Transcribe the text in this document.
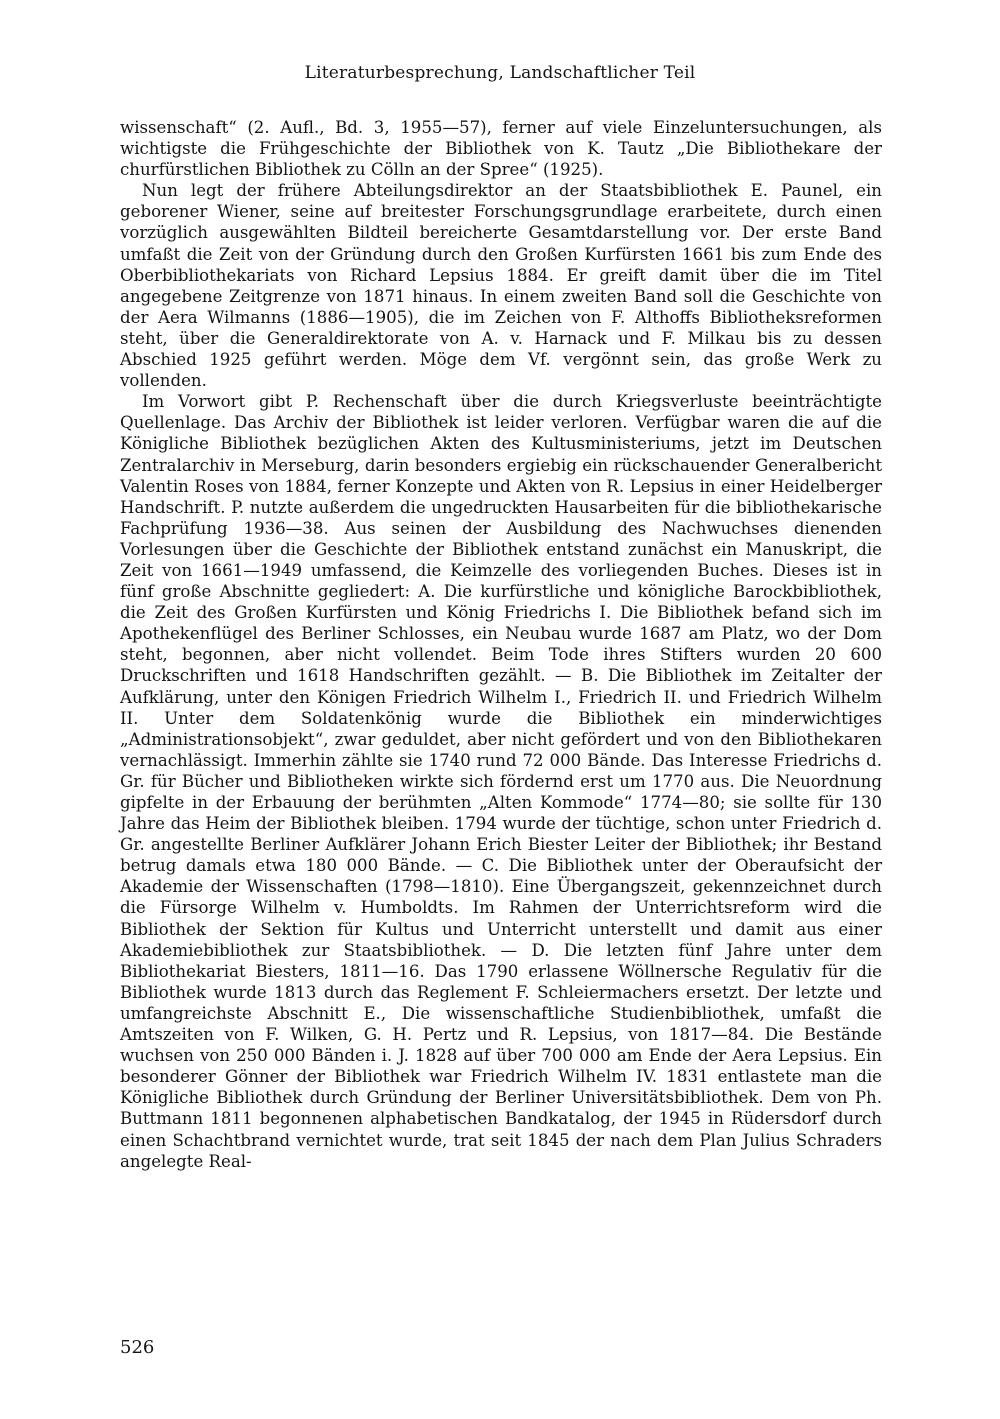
Literaturbesprechung, Landschaftlicher Teil

wissenschaft“ (2. Aufl., Bd. 3, 1955—57), ferner auf viele Einzeluntersuchungen, als wichtigste die Frühgeschichte der Bibliothek von K. Tautz „Die Bibliothekare der churfürstlichen Bibliothek zu Cölln an der Spree“ (1925).

Nun legt der frühere Abteilungsdirektor an der Staatsbibliothek E. Paunel, ein geborener Wiener, seine auf breitester Forschungsgrundlage erarbeitete, durch einen vorzüglich ausgewählten Bildteil bereicherte Gesamtdarstellung vor. Der erste Band umfaßt die Zeit von der Gründung durch den Großen Kurfürsten 1661 bis zum Ende des Oberbibliothekariats von Richard Lepsius 1884. Er greift damit über die im Titel angegebene Zeitgrenze von 1871 hinaus. In einem zweiten Band soll die Geschichte von der Aera Wilmanns (1886—1905), die im Zeichen von F. Althoffs Bibliotheksreformen steht, über die Generaldirektorate von A. v. Harnack und F. Milkau bis zu dessen Abschied 1925 geführt werden. Möge dem Vf. vergönnt sein, das große Werk zu vollenden.

Im Vorwort gibt P. Rechenschaft über die durch Kriegsverluste beeinträchtigte Quellenlage. Das Archiv der Bibliothek ist leider verloren. Verfügbar waren die auf die Königliche Bibliothek bezüglichen Akten des Kultusministeriums, jetzt im Deutschen Zentralarchiv in Merseburg, darin besonders ergiebig ein rückschauender Generalbericht Valentin Roses von 1884, ferner Konzepte und Akten von R. Lepsius in einer Heidelberger Handschrift. P. nutzte außerdem die ungedruckten Hausarbeiten für die bibliothekarische Fachprüfung 1936—38. Aus seinen der Ausbildung des Nachwuchses dienenden Vorlesungen über die Geschichte der Bibliothek entstand zunächst ein Manuskript, die Zeit von 1661—1949 umfassend, die Keimzelle des vorliegenden Buches. Dieses ist in fünf große Abschnitte gegliedert: A. Die kurfürstliche und königliche Barockbibliothek, die Zeit des Großen Kurfürsten und König Friedrichs I. Die Bibliothek befand sich im Apothekenflügel des Berliner Schlosses, ein Neubau wurde 1687 am Platz, wo der Dom steht, begonnen, aber nicht vollendet. Beim Tode ihres Stifters wurden 20 600 Druckschriften und 1618 Handschriften gezählt. — B. Die Bibliothek im Zeitalter der Aufklärung, unter den Königen Friedrich Wilhelm I., Friedrich II. und Friedrich Wilhelm II. Unter dem Soldatenkönig wurde die Bibliothek ein minderwichtiges „Administrationsobjekt“, zwar geduldet, aber nicht gefördert und von den Bibliothekaren vernachlässigt. Immerhin zählte sie 1740 rund 72 000 Bände. Das Interesse Friedrichs d. Gr. für Bücher und Bibliotheken wirkte sich fördernd erst um 1770 aus. Die Neuordnung gipfelte in der Erbauung der berühmten „Alten Kommode“ 1774—80; sie sollte für 130 Jahre das Heim der Bibliothek bleiben. 1794 wurde der tüchtige, schon unter Friedrich d. Gr. angestellte Berliner Aufklärer Johann Erich Biester Leiter der Bibliothek; ihr Bestand betrug damals etwa 180 000 Bände. — C. Die Bibliothek unter der Oberaufsicht der Akademie der Wissenschaften (1798—1810). Eine Übergangszeit, gekennzeichnet durch die Fürsorge Wilhelm v. Humboldts. Im Rahmen der Unterrichtsreform wird die Bibliothek der Sektion für Kultus und Unterricht unterstellt und damit aus einer Akademiebibliothek zur Staatsbibliothek. — D. Die letzten fünf Jahre unter dem Bibliothekariat Biesters, 1811—16. Das 1790 erlassene Wöllnersche Regulativ für die Bibliothek wurde 1813 durch das Reglement F. Schleiermachers ersetzt. Der letzte und umfangreichste Abschnitt E., Die wissenschaftliche Studienbibliothek, umfaßt die Amtszeiten von F. Wilken, G. H. Pertz und R. Lepsius, von 1817—84. Die Bestände wuchsen von 250 000 Bänden i. J. 1828 auf über 700 000 am Ende der Aera Lepsius. Ein besonderer Gönner der Bibliothek war Friedrich Wilhelm IV. 1831 entlastete man die Königliche Bibliothek durch Gründung der Berliner Universitätsbibliothek. Dem von Ph. Buttmann 1811 begonnenen alphabetischen Bandkatalog, der 1945 in Rüdersdorf durch einen Schachtbrand vernichtet wurde, trat seit 1845 der nach dem Plan Julius Schraders angelegte Real-

526
